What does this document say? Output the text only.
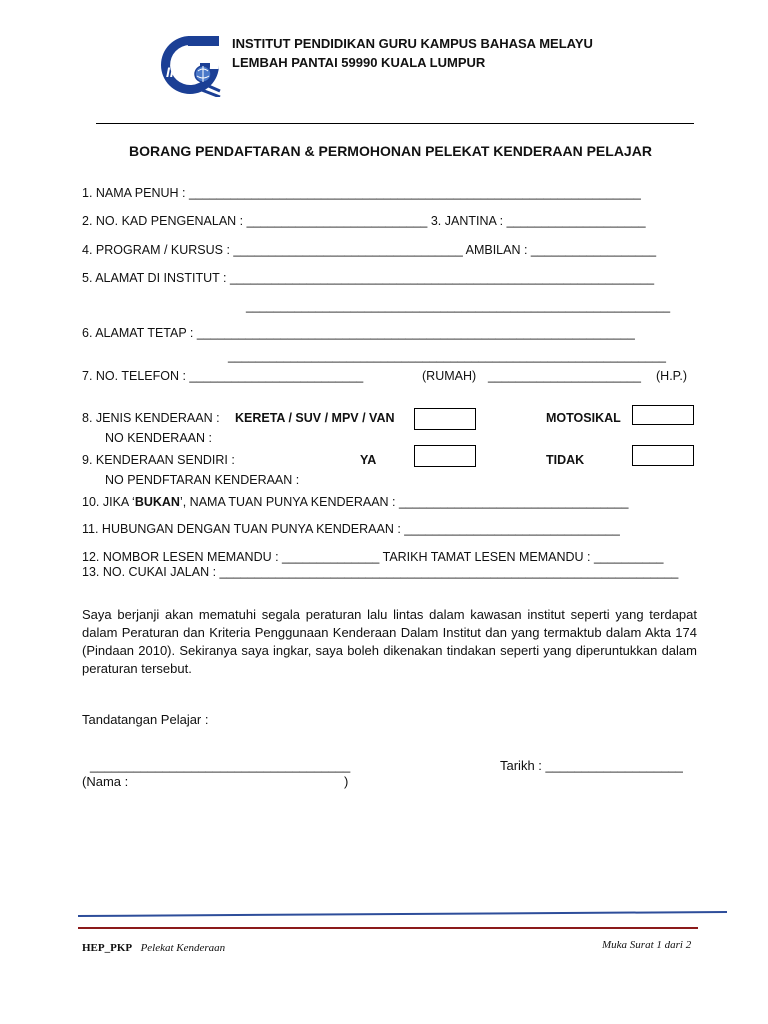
IPG
INSTITUT PENDIDIKAN GURU KAMPUS BAHASA MELAYU
LEMBAH PANTAI 59990 KUALA LUMPUR
BORANG PENDAFTARAN & PERMOHONAN PELEKAT KENDERAAN PELAJAR
1. NAMA PENUH : _________________________________________________________________
2. NO. KAD PENGENALAN : __________________________ 3. JANTINA : ____________________
4. PROGRAM / KURSUS : _________________________________ AMBILAN : __________________
5. ALAMAT DI INSTITUT : _____________________________________________________________
_____________________________________________________________
6. ALAMAT TETAP : _______________________________________________________________
_______________________________________________________________
7. NO. TELEFON : _________________________	(RUMAH) ______________________ (H.P.)
8. JENIS KENDERAAN : KERETA / SUV / MPV / VAN	MOTOSIKAL
NO KENDERAAN :
9. KENDERAAN SENDIRI :	YA	TIDAK
NO PENDFTARAN KENDERAAN :
10. JIKA ‘BUKAN’, NAMA TUAN PUNYA KENDERAAN : _________________________________
11. HUBUNGAN DENGAN TUAN PUNYA KENDERAAN : _______________________________
12. NOMBOR LESEN MEMANDU : ______________ TARIKH TAMAT LESEN MEMANDU : __________
13. NO. CUKAI JALAN : __________________________________________________________________
Saya berjanji akan mematuhi segala peraturan lalu lintas dalam kawasan institut seperti yang terdapat dalam Peraturan dan Kriteria Penggunaan Kenderaan Dalam Institut dan yang termaktub dalam Akta 174 (Pindaan 2010). Sekiranya saya ingkar, saya boleh dikenakan tindakan seperti yang diperuntukkan dalam peraturan tersebut.
Tandatangan Pelajar :
____________________________________
(Nama :	)
Tarikh : ___________________
HEP_PKP Pelekat Kenderaan	Muka Surat 1 dari 2
